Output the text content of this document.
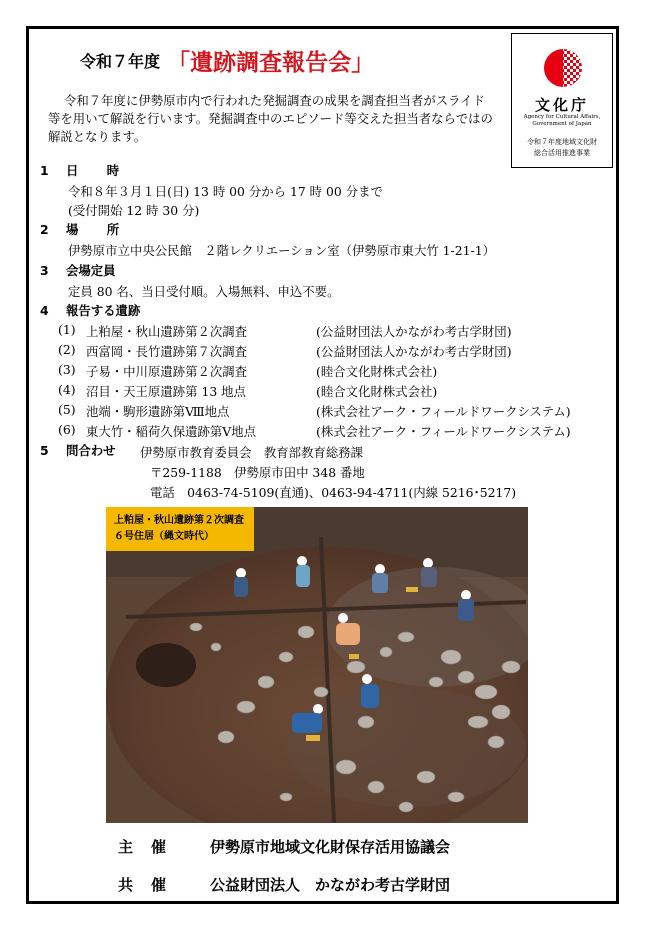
令和７年度 「遺跡調査報告会」
令和７年度に伊勢原市内で行われた発掘調査の成果を調査担当者がスライド等を用いて解説を行います。発掘調査中のエピソード等交えた担当者ならではの解説となります。
文化庁
Agency for Cultural Affairs,
Government of Japan
令和７年度地域文化財
総合活用推進事業
1 日　時
令和８年３月１日(日) 13 時 00 分から 17 時 00 分まで
(受付開始 12 時 30 分)
2 場　所
伊勢原市立中央公民館　２階レクリエーション室（伊勢原市東大竹 1-21-1）
3 会場定員
定員 80 名、当日受付順。入場無料、申込不要。
4 報告する遺跡
(1) 上粕屋・秋山遺跡第２次調査	(公益財団法人かながわ考古学財団)
(2) 西富岡・長竹遺跡第７次調査	(公益財団法人かながわ考古学財団)
(3) 子易・中川原遺跡第２次調査	(睦合文化財株式会社)
(4) 沼目・天王原遺跡第 13 地点	(睦合文化財株式会社)
(5) 池端・駒形遺跡第Ⅷ地点	(株式会社アーク・フィールドワークシステム)
(6) 東大竹・稲荷久保遺跡第Ⅴ地点	(株式会社アーク・フィールドワークシステム)
5 問合わせ 伊勢原市教育委員会　教育部教育総務課
〒259-1188　伊勢原市田中 348 番地
電話　0463-74-5109(直通)、0463-94-4711(内線 5216･5217)
上粕屋・秋山遺跡第２次調査
６号住居（縄文時代）
主催 伊勢原市地域文化財保存活用協議会
共催 公益財団法人　かながわ考古学財団
